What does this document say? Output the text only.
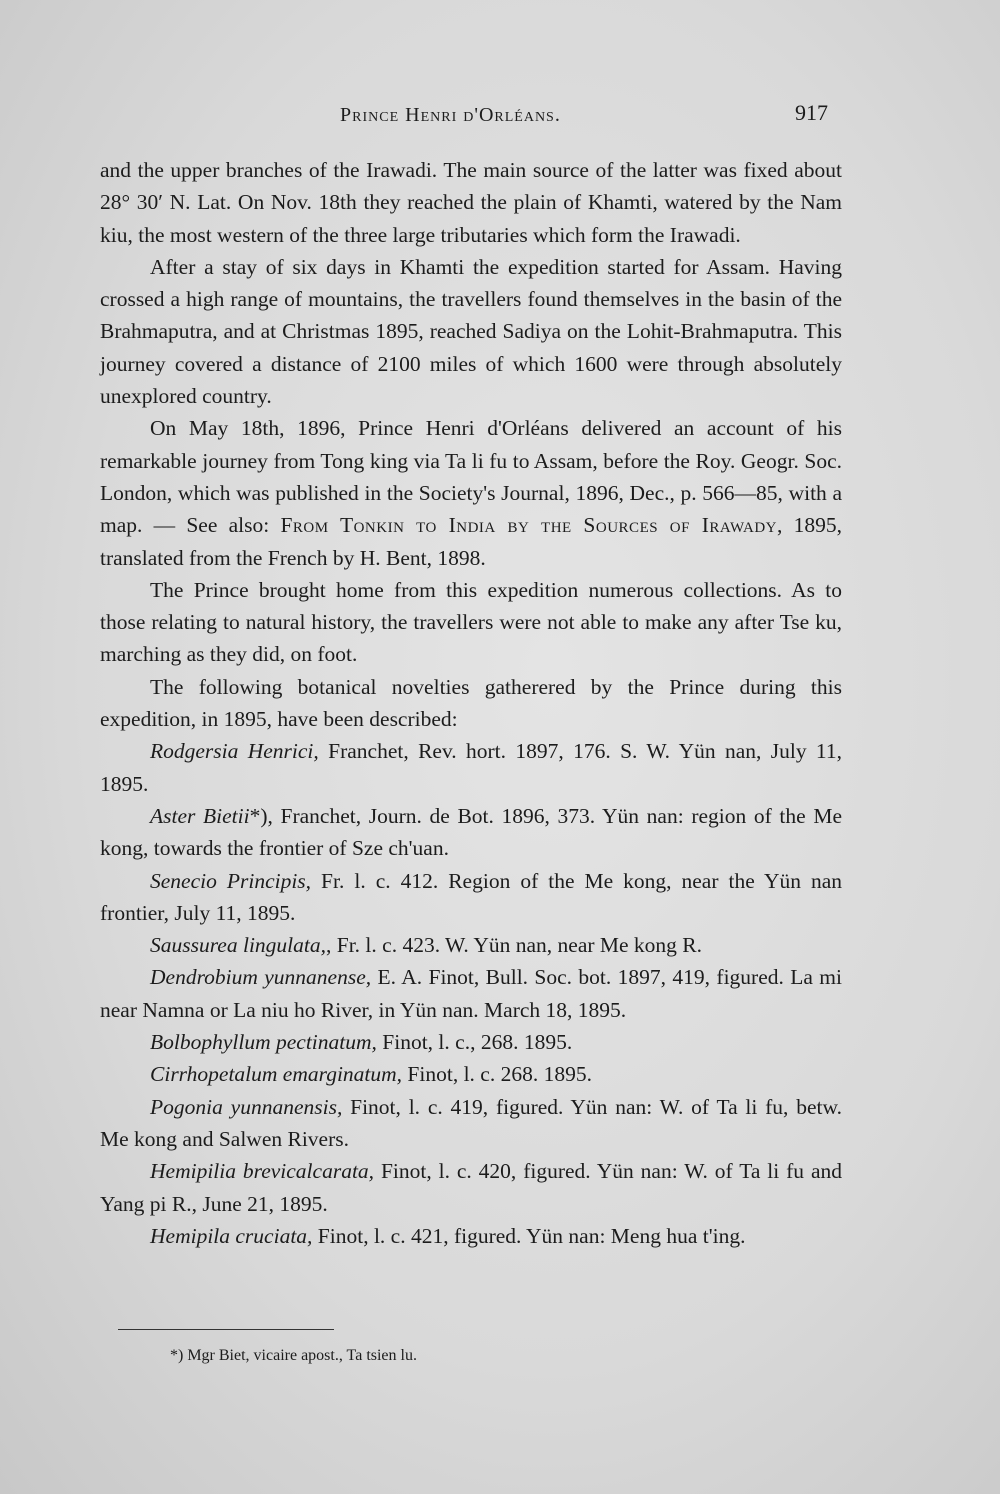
Prince Henri d'Orléans.	917

and the upper branches of the Irawadi. The main source of the latter was fixed about 28° 30′ N. Lat. On Nov. 18th they reached the plain of Khamti, watered by the Nam kiu, the most western of the three large tributaries which form the Irawadi.

After a stay of six days in Khamti the expedition started for Assam. Having crossed a high range of mountains, the travellers found themselves in the basin of the Brahmaputra, and at Christmas 1895, reached Sadiya on the Lohit-Brahmaputra. This journey covered a distance of 2100 miles of which 1600 were through absolutely unexplored country.

On May 18th, 1896, Prince Henri d'Orléans delivered an account of his remarkable journey from Tong king via Ta li fu to Assam, before the Roy. Geogr. Soc. London, which was published in the Society's Journal, 1896, Dec., p. 566—85, with a map. — See also: From Tonkin to India by the Sources of Irawady, 1895, translated from the French by H. Bent, 1898.

The Prince brought home from this expedition numerous collections. As to those relating to natural history, the travellers were not able to make any after Tse ku, marching as they did, on foot.

The following botanical novelties gatherered by the Prince during this expedition, in 1895, have been described:

Rodgersia Henrici, Franchet, Rev. hort. 1897, 176. S. W. Yün nan, July 11, 1895.

Aster Bietii*), Franchet, Journ. de Bot. 1896, 373. Yün nan: region of the Me kong, towards the frontier of Sze ch'uan.

Senecio Principis, Fr. l. c. 412. Region of the Me kong, near the Yün nan frontier, July 11, 1895.

Saussurea lingulata,, Fr. l. c. 423. W. Yün nan, near Me kong R.

Dendrobium yunnanense, E. A. Finot, Bull. Soc. bot. 1897, 419, figured. La mi near Namna or La niu ho River, in Yün nan. March 18, 1895.

Bolbophyllum pectinatum, Finot, l. c., 268. 1895.

Cirrhopetalum emarginatum, Finot, l. c. 268. 1895.

Pogonia yunnanensis, Finot, l. c. 419, figured. Yün nan: W. of Ta li fu, betw. Me kong and Salwen Rivers.

Hemipilia brevicalcarata, Finot, l. c. 420, figured. Yün nan: W. of Ta li fu and Yang pi R., June 21, 1895.

Hemipila cruciata, Finot, l. c. 421, figured. Yün nan: Meng hua t'ing.

*) Mgr Biet, vicaire apost., Ta tsien lu.
